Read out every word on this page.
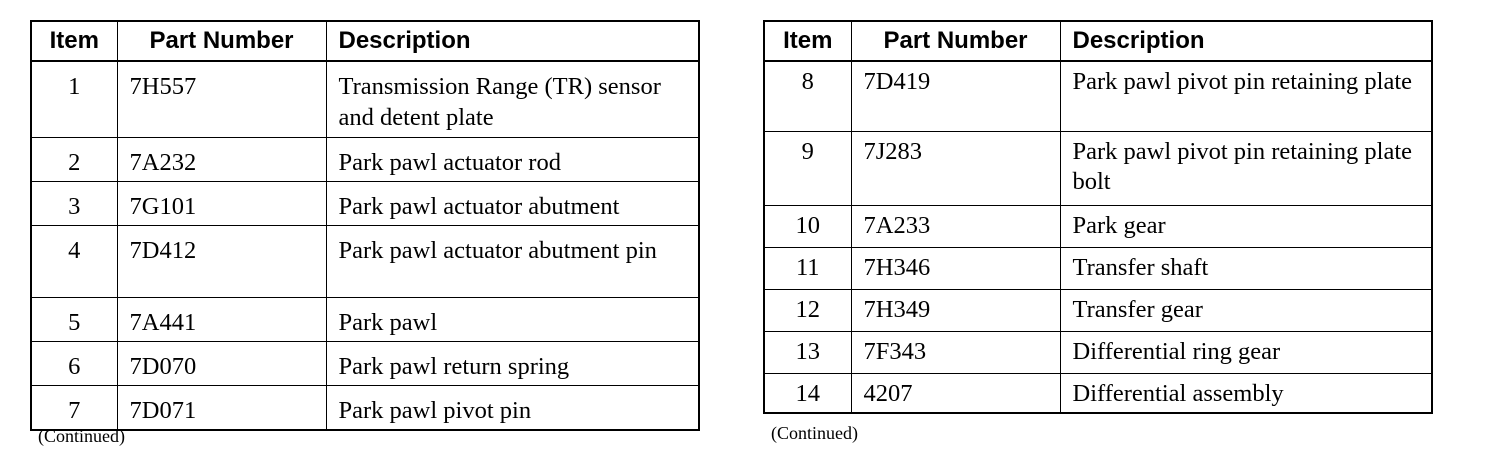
Item	Part Number	Description
1	7H557	Transmission Range (TR) sensor and detent plate
2	7A232	Park pawl actuator rod
3	7G101	Park pawl actuator abutment
4	7D412	Park pawl actuator abutment pin
5	7A441	Park pawl
6	7D070	Park pawl return spring
7	7D071	Park pawl pivot pin
Item	Part Number	Description
8	7D419	Park pawl pivot pin retaining plate
9	7J283	Park pawl pivot pin retaining plate bolt
10	7A233	Park gear
11	7H346	Transfer shaft
12	7H349	Transfer gear
13	7F343	Differential ring gear
14	4207	Differential assembly
(Continued)	(Continued)
